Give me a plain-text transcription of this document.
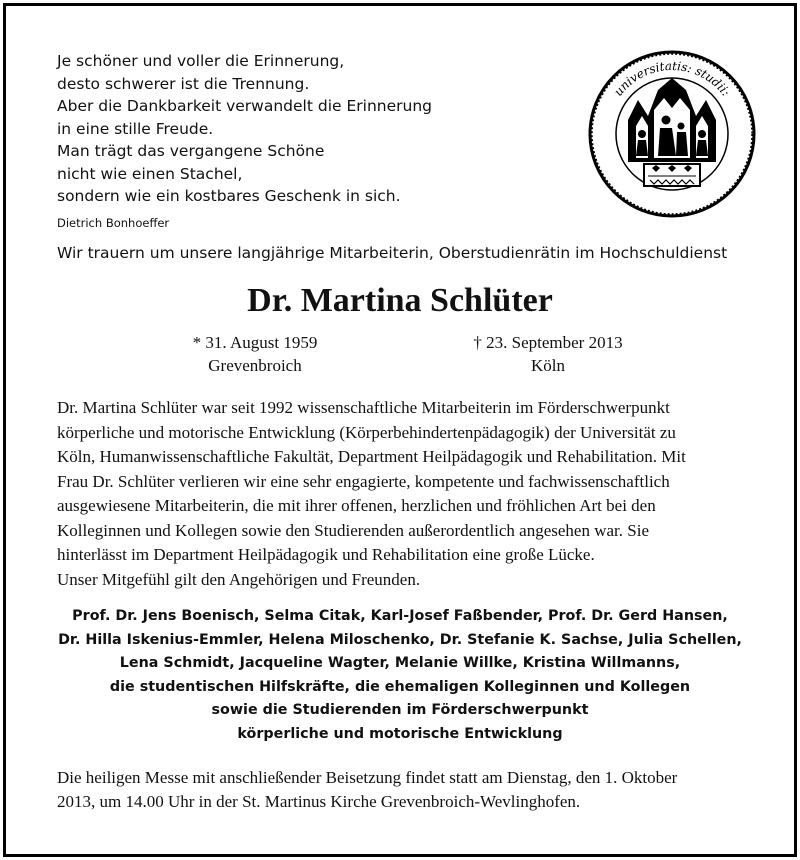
Je schöner und voller die Erinnerung,
desto schwerer ist die Trennung.
Aber die Dankbarkeit verwandelt die Erinnerung
in eine stille Freude.
Man trägt das vergangene Schöne
nicht wie einen Stachel,
sondern wie ein kostbares Geschenk in sich.
Dietrich Bonhoeffer
universitatis: studii:
Wir trauern um unsere langjährige Mitarbeiterin, Oberstudienrätin im Hochschuldienst
Dr. Martina Schlüter
* 31. August 1959
Grevenbroich
† 23. September 2013
Köln
Dr. Martina Schlüter war seit 1992 wissenschaftliche Mitarbeiterin im Förderschwerpunkt
körperliche und motorische Entwicklung (Körperbehindertenpädagogik) der Universität zu
Köln, Humanwissenschaftliche Fakultät, Department Heilpädagogik und Rehabilitation. Mit
Frau Dr. Schlüter verlieren wir eine sehr engagierte, kompetente und fachwissenschaftlich
ausgewiesene Mitarbeiterin, die mit ihrer offenen, herzlichen und fröhlichen Art bei den
Kolleginnen und Kollegen sowie den Studierenden außerordentlich angesehen war. Sie
hinterlässt im Department Heilpädagogik und Rehabilitation eine große Lücke.
Unser Mitgefühl gilt den Angehörigen und Freunden.
Prof. Dr. Jens Boenisch, Selma Citak, Karl-Josef Faßbender, Prof. Dr. Gerd Hansen,
Dr. Hilla Iskenius-Emmler, Helena Miloschenko, Dr. Stefanie K. Sachse, Julia Schellen,
Lena Schmidt, Jacqueline Wagter, Melanie Willke, Kristina Willmanns,
die studentischen Hilfskräfte, die ehemaligen Kolleginnen und Kollegen
sowie die Studierenden im Förderschwerpunkt
körperliche und motorische Entwicklung
Die heiligen Messe mit anschließender Beisetzung findet statt am Dienstag, den 1. Oktober
2013, um 14.00 Uhr in der St. Martinus Kirche Grevenbroich-Wevlinghofen.
